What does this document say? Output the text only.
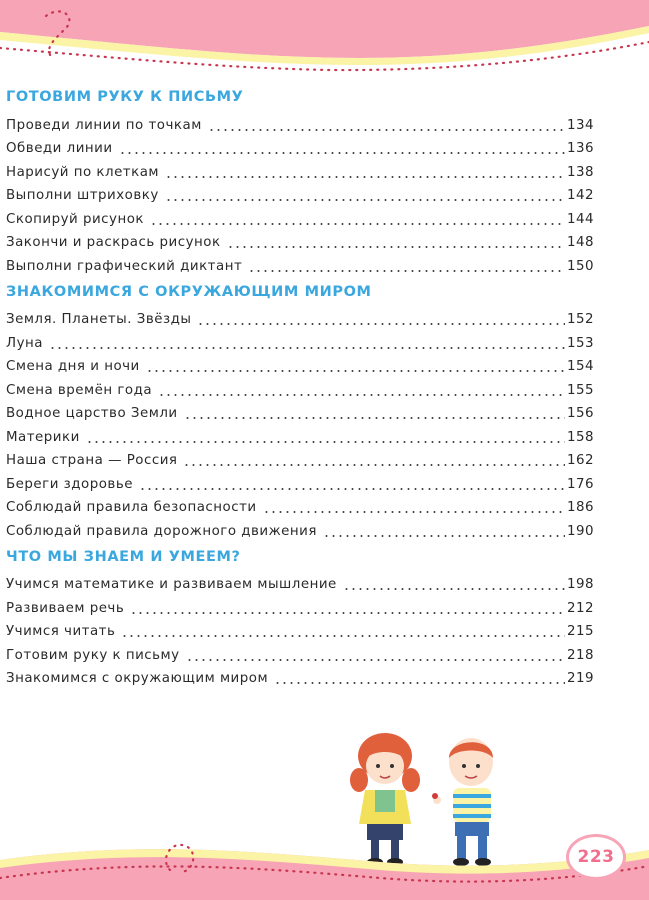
ГОТОВИМ РУКУ К ПИСЬМУ
Проведи линии по точкам	134
Обведи линии	136
Нарисуй по клеткам	138
Выполни штриховку	142
Скопируй рисунок	144
Закончи и раскрась рисунок	148
Выполни графический диктант	150
ЗНАКОМИМСЯ С ОКРУЖАЮЩИМ МИРОМ
Земля. Планеты. Звёзды	152
Луна	153
Смена дня и ночи	154
Смена времён года	155
Водное царство Земли	156
Материки	158
Наша страна — Россия	162
Береги здоровье	176
Соблюдай правила безопасности	186
Соблюдай правила дорожного движения	190
ЧТО МЫ ЗНАЕМ И УМЕЕМ?
Учимся математике и развиваем мышление	198
Развиваем речь	212
Учимся читать	215
Готовим руку к письму	218
Знакомимся с окружающим миром	219
223
